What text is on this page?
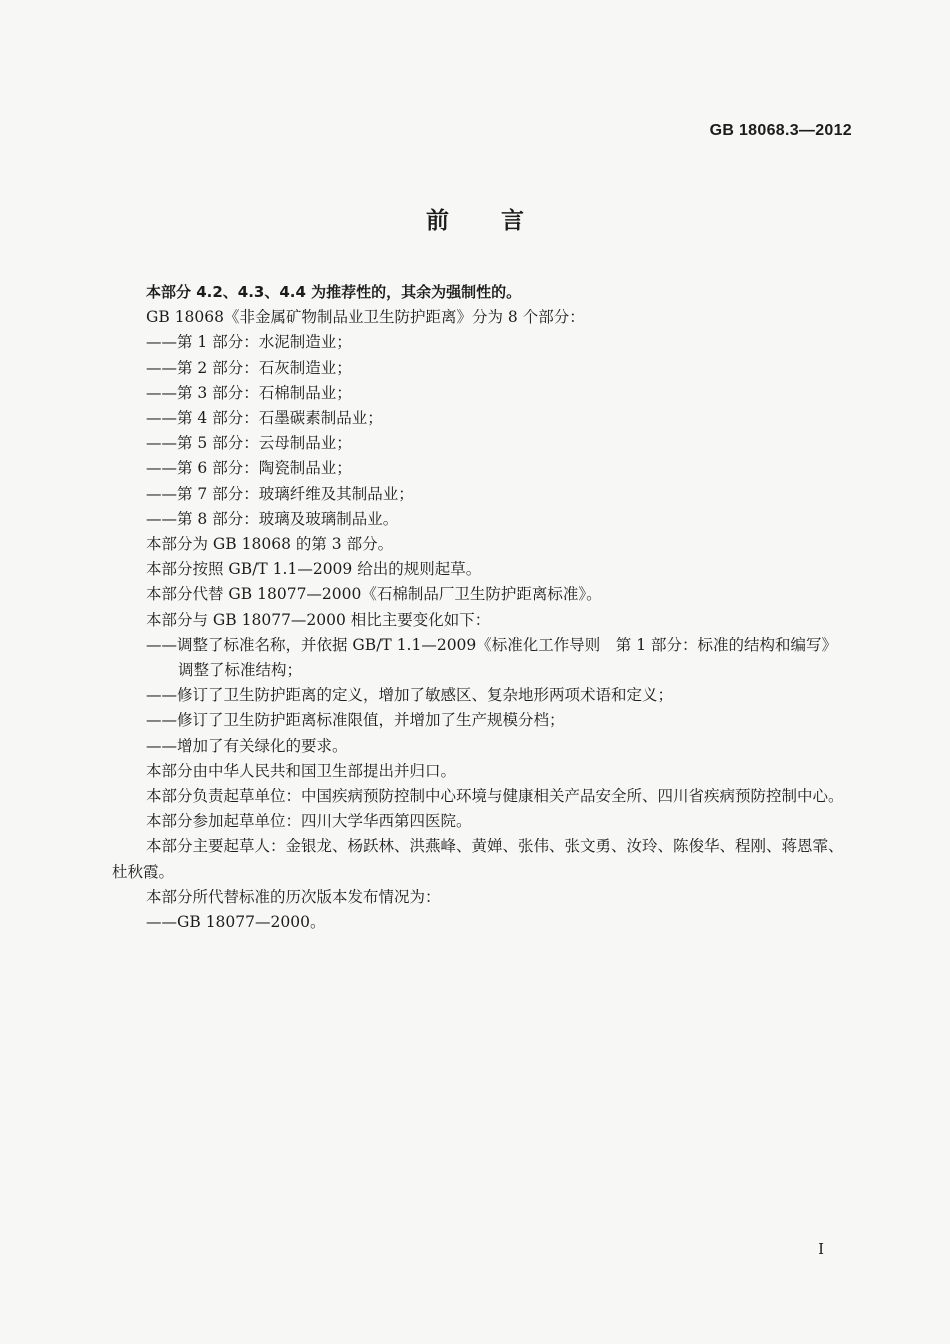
GB 18068.3—2012
前 言
本部分 4.2、4.3、4.4 为推荐性的，其余为强制性的。
GB 18068《非金属矿物制品业卫生防护距离》分为 8 个部分：
——第 1 部分：水泥制造业；
——第 2 部分：石灰制造业；
——第 3 部分：石棉制品业；
——第 4 部分：石墨碳素制品业；
——第 5 部分：云母制品业；
——第 6 部分：陶瓷制品业；
——第 7 部分：玻璃纤维及其制品业；
——第 8 部分：玻璃及玻璃制品业。
本部分为 GB 18068 的第 3 部分。
本部分按照 GB/T 1.1—2009 给出的规则起草。
本部分代替 GB 18077—2000《石棉制品厂卫生防护距离标准》。
本部分与 GB 18077—2000 相比主要变化如下：
——调整了标准名称，并依据 GB/T 1.1—2009《标准化工作导则　第 1 部分：标准的结构和编写》
调整了标准结构；
——修订了卫生防护距离的定义，增加了敏感区、复杂地形两项术语和定义；
——修订了卫生防护距离标准限值，并增加了生产规模分档；
——增加了有关绿化的要求。
本部分由中华人民共和国卫生部提出并归口。
本部分负责起草单位：中国疾病预防控制中心环境与健康相关产品安全所、四川省疾病预防控制中心。
本部分参加起草单位：四川大学华西第四医院。
本部分主要起草人：金银龙、杨跃林、洪燕峰、黄婵、张伟、张文勇、汝玲、陈俊华、程刚、蒋恩霏、杜秋霞。
本部分所代替标准的历次版本发布情况为：
——GB 18077—2000。
I
